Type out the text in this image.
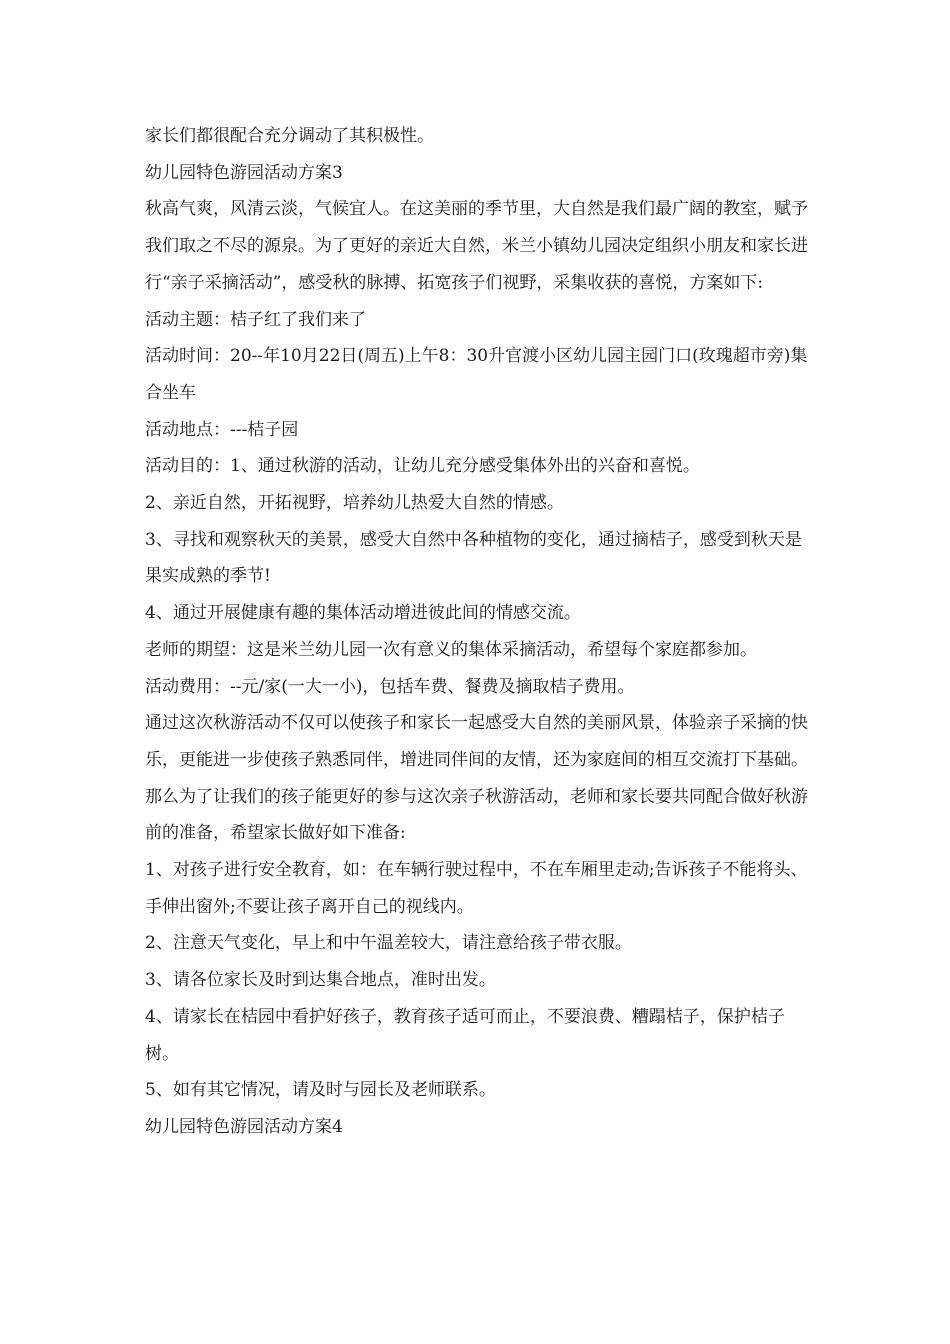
家长们都很配合充分调动了其积极性。

幼儿园特色游园活动方案3

秋高气爽，风清云淡，气候宜人。在这美丽的季节里，大自然是我们最广阔的教室，赋予我们取之不尽的源泉。为了更好的亲近大自然，米兰小镇幼儿园决定组织小朋友和家长进行“亲子采摘活动”，感受秋的脉搏、拓宽孩子们视野，采集收获的喜悦，方案如下:

活动主题：桔子红了我们来了

活动时间：20--年10月22日(周五)上午8：30升官渡小区幼儿园主园门口(玫瑰超市旁)集合坐车

活动地点：---桔子园

活动目的：1、通过秋游的活动，让幼儿充分感受集体外出的兴奋和喜悦。

2、亲近自然，开拓视野，培养幼儿热爱大自然的情感。

3、寻找和观察秋天的美景，感受大自然中各种植物的变化，通过摘桔子，感受到秋天是果实成熟的季节!

4、通过开展健康有趣的集体活动增进彼此间的情感交流。

老师的期望：这是米兰幼儿园一次有意义的集体采摘活动，希望每个家庭都参加。

活动费用：--元/家(一大一小)，包括车费、餐费及摘取桔子费用。

通过这次秋游活动不仅可以使孩子和家长一起感受大自然的美丽风景，体验亲子采摘的快乐，更能进一步使孩子熟悉同伴，增进同伴间的友情，还为家庭间的相互交流打下基础。那么为了让我们的孩子能更好的参与这次亲子秋游活动，老师和家长要共同配合做好秋游前的准备，希望家长做好如下准备:

1、对孩子进行安全教育，如：在车辆行驶过程中，不在车厢里走动;告诉孩子不能将头、手伸出窗外;不要让孩子离开自己的视线内。

2、注意天气变化，早上和中午温差较大，请注意给孩子带衣服。

3、请各位家长及时到达集合地点，准时出发。

4、请家长在桔园中看护好孩子，教育孩子适可而止，不要浪费、糟蹋桔子，保护桔子树。

5、如有其它情况，请及时与园长及老师联系。

幼儿园特色游园活动方案4
